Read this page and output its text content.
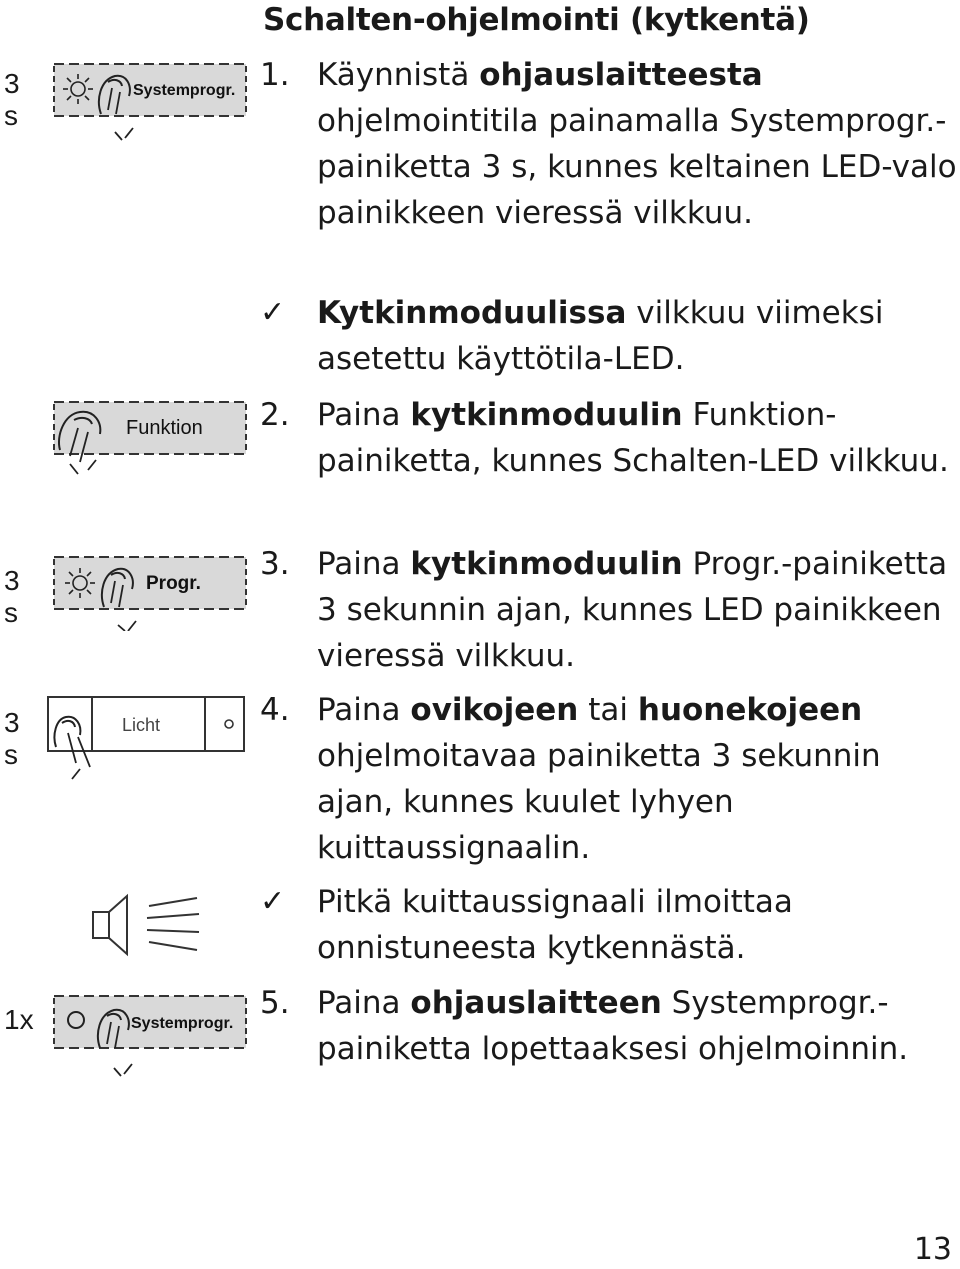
Schalten-ohjelmointi (kytkentä)
1. Käynnistä ohjauslaitteesta ohjelmointitila painamalla Systemprogr.-painiketta 3 s, kunnes keltainen LED-valo painikkeen vieressä vilkkuu.
✓ Kytkinmoduulissa vilkkuu viimeksi asetettu käyttötila-LED.
2. Paina kytkinmoduulin Funktion-painiketta, kunnes Schalten-LED vilkkuu.
3. Paina kytkinmoduulin Progr.-painiketta 3 sekunnin ajan, kunnes LED painikkeen vieressä vilkkuu.
4. Paina ovikojeen tai huonekojeen ohjelmoitavaa painiketta 3 sekunnin ajan, kunnes kuulet lyhyen kuittaussignaalin.
✓ Pitkä kuittaussignaali ilmoittaa onnistuneesta kytkennästä.
5. Paina ohjauslaitteen Systemprogr.-painiketta lopettaaksesi ohjelmoinnin.
3 s
Systemprogr.
Funktion
3 s
Progr.
3 s
Licht
1x	Systemprogr.
13
